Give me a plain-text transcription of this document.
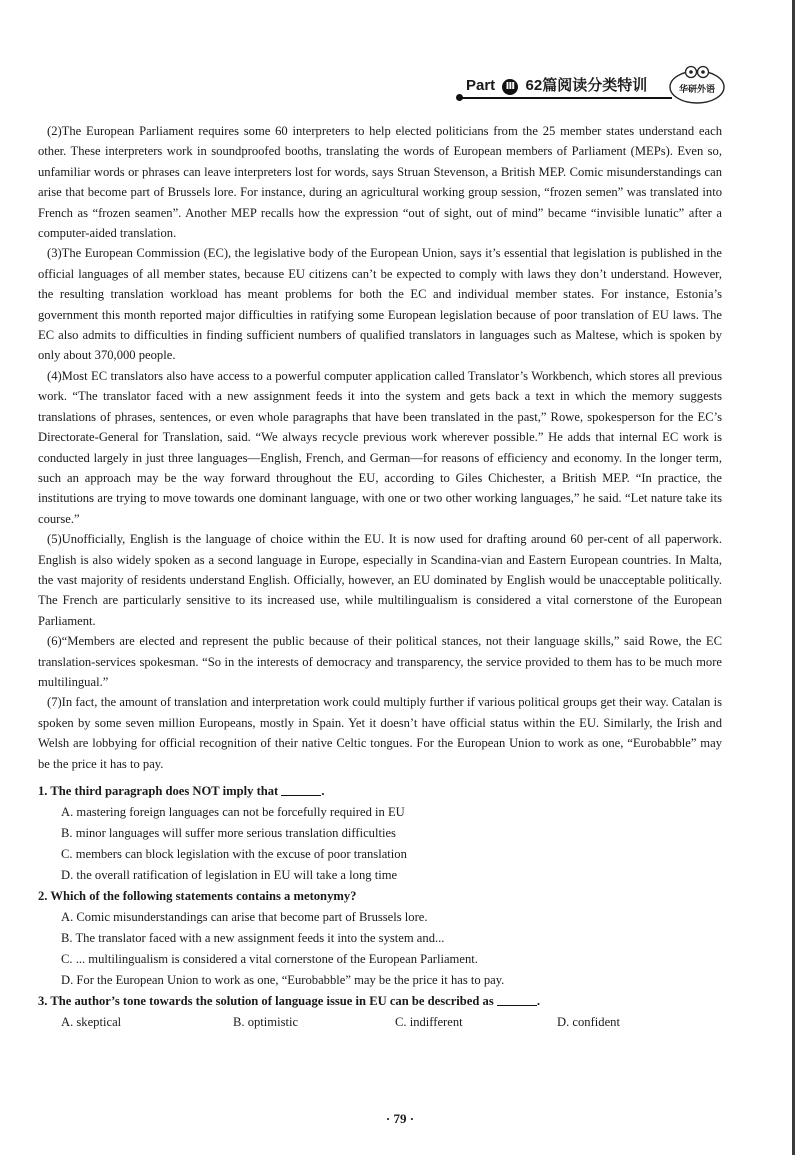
Part Ⅲ 62篇阅读分类特训	华研外语

(2)The European Parliament requires some 60 interpreters to help elected politicians from the 25 member states understand each other. These interpreters work in soundproofed booths, translating the words of European members of Parliament (MEPs). Even so, unfamiliar words or phrases can leave interpreters lost for words, says Struan Stevenson, a British MEP. Comic misunderstandings can arise that become part of Brussels lore. For instance, during an agricultural working group session, “frozen semen” was translated into French as “frozen seamen”. Another MEP recalls how the expression “out of sight, out of mind” became “invisible lunatic” after a computer-aided translation.

(3)The European Commission (EC), the legislative body of the European Union, says it’s essential that legislation is published in the official languages of all member states, because EU citizens can’t be expected to comply with laws they don’t understand. However, the resulting translation workload has meant problems for both the EC and individual member states. For instance, Estonia’s government this month reported major difficulties in ratifying some European legislation because of poor translation of EU laws. The EC also admits to difficulties in finding sufficient numbers of qualified translators in languages such as Maltese, which is spoken by only about 370,000 people.

(4)Most EC translators also have access to a powerful computer application called Translator’s Workbench, which stores all previous work. “The translator faced with a new assignment feeds it into the system and gets back a text in which the memory suggests translations of phrases, sentences, or even whole paragraphs that have been translated in the past,” Rowe, spokesperson for the EC’s Directorate-General for Translation, said. “We always recycle previous work wherever possible.” He adds that internal EC work is conducted largely in just three languages—English, French, and German—for reasons of efficiency and economy. In the longer term, such an approach may be the way forward throughout the EU, according to Giles Chichester, a British MEP. “In practice, the institutions are trying to move towards one dominant language, with one or two other working languages,” he said. “Let nature take its course.”

(5)Unofficially, English is the language of choice within the EU. It is now used for drafting around 60 per-cent of all paperwork. English is also widely spoken as a second language in Europe, especially in Scandina-vian and Eastern European countries. In Malta, the vast majority of residents understand English. Officially, however, an EU dominated by English would be unacceptable politically. The French are particularly sensitive to its increased use, while multilingualism is considered a vital cornerstone of the European Parliament.

(6)“Members are elected and represent the public because of their political stances, not their language skills,” said Rowe, the EC translation-services spokesman. “So in the interests of democracy and transparency, the service provided to them has to be much more multilingual.”

(7)In fact, the amount of translation and interpretation work could multiply further if various political groups get their way. Catalan is spoken by some seven million Europeans, mostly in Spain. Yet it doesn’t have official status within the EU. Similarly, the Irish and Welsh are lobbying for official recognition of their native Celtic tongues. For the European Union to work as one, “Eurobabble” may be the price it has to pay.

1. The third paragraph does NOT imply that	.

A. mastering foreign languages can not be forcefully required in EU

B. minor languages will suffer more serious translation difficulties

C. members can block legislation with the excuse of poor translation

D. the overall ratification of legislation in EU will take a long time

2. Which of the following statements contains a metonymy?

A. Comic misunderstandings can arise that become part of Brussels lore.

B. The translator faced with a new assignment feeds it into the system and...

C. ... multilingualism is considered a vital cornerstone of the European Parliament.

D. For the European Union to work as one, “Eurobabble” may be the price it has to pay.

3. The author’s tone towards the solution of language issue in EU can be described as	.

A. skeptical	B. optimistic	C. indifferent	D. confident
· 79 ·
